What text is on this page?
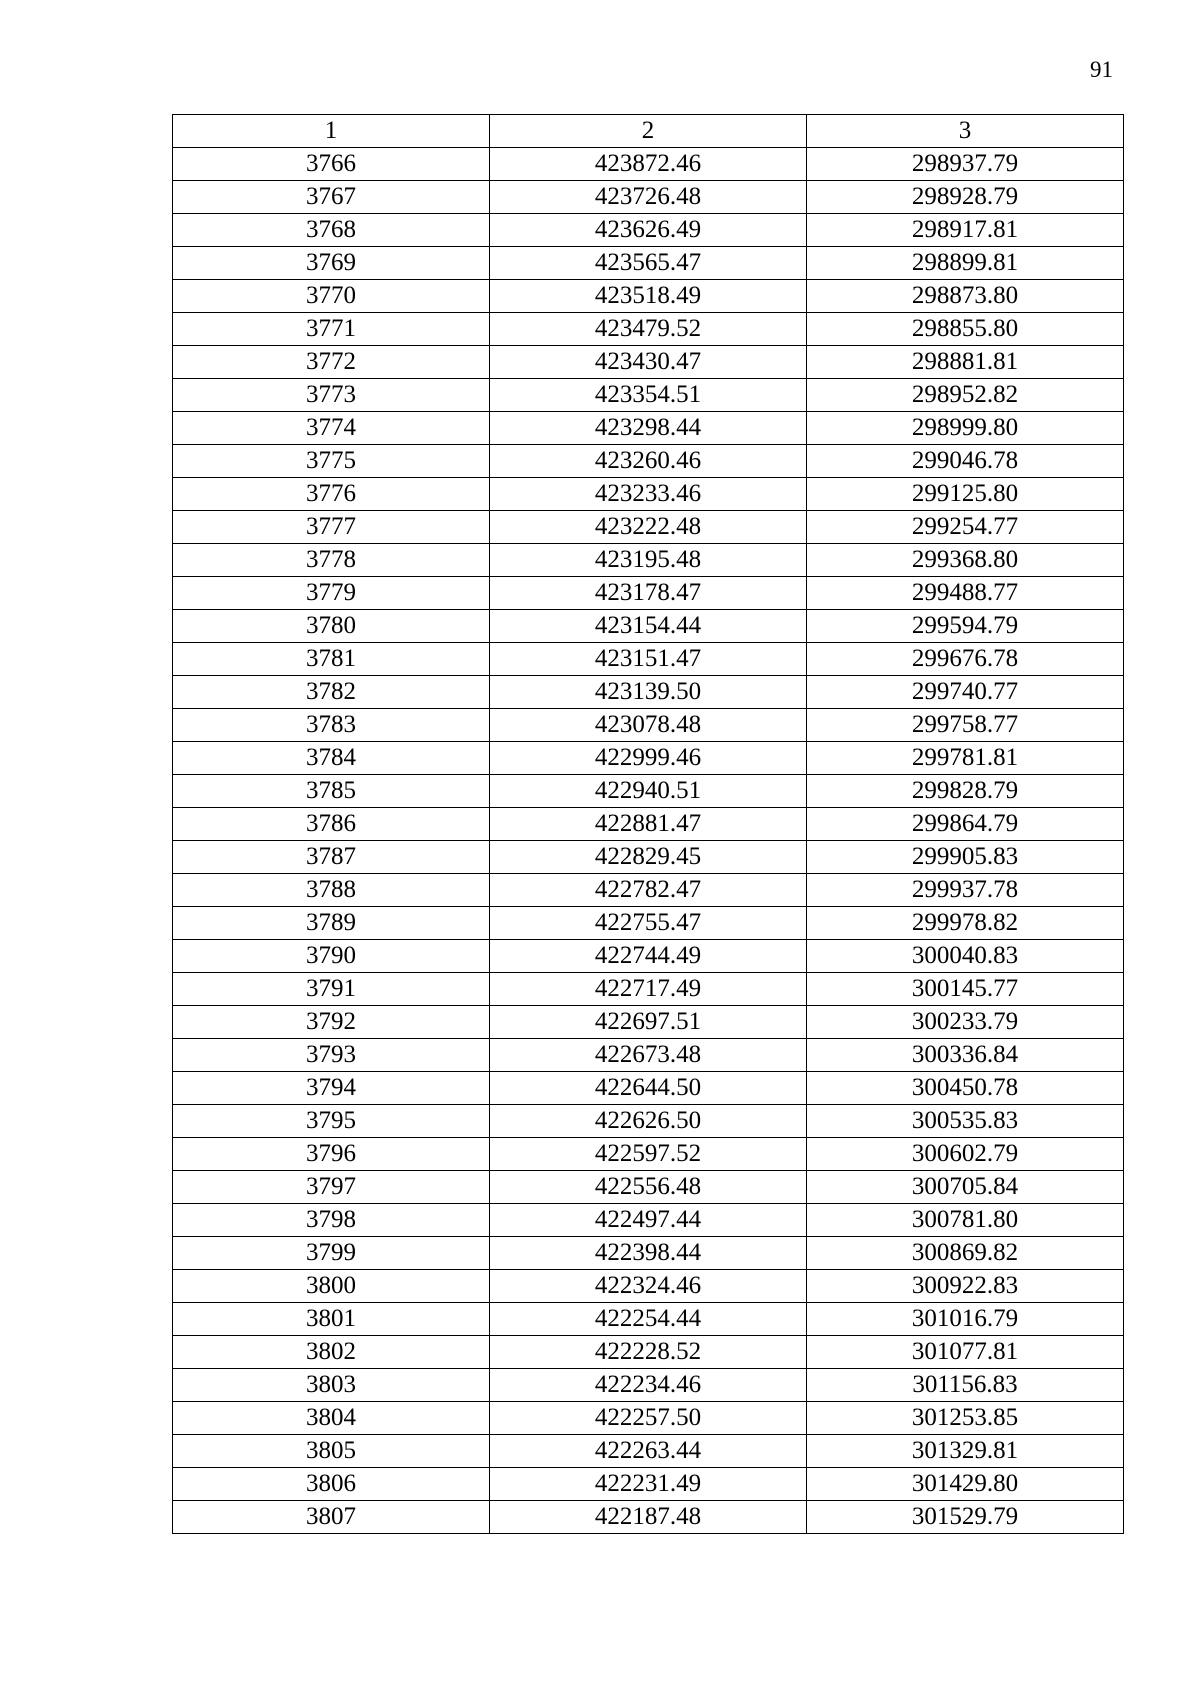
91
1	2	3
3766	423872.46	298937.79
3767	423726.48	298928.79
3768	423626.49	298917.81
3769	423565.47	298899.81
3770	423518.49	298873.80
3771	423479.52	298855.80
3772	423430.47	298881.81
3773	423354.51	298952.82
3774	423298.44	298999.80
3775	423260.46	299046.78
3776	423233.46	299125.80
3777	423222.48	299254.77
3778	423195.48	299368.80
3779	423178.47	299488.77
3780	423154.44	299594.79
3781	423151.47	299676.78
3782	423139.50	299740.77
3783	423078.48	299758.77
3784	422999.46	299781.81
3785	422940.51	299828.79
3786	422881.47	299864.79
3787	422829.45	299905.83
3788	422782.47	299937.78
3789	422755.47	299978.82
3790	422744.49	300040.83
3791	422717.49	300145.77
3792	422697.51	300233.79
3793	422673.48	300336.84
3794	422644.50	300450.78
3795	422626.50	300535.83
3796	422597.52	300602.79
3797	422556.48	300705.84
3798	422497.44	300781.80
3799	422398.44	300869.82
3800	422324.46	300922.83
3801	422254.44	301016.79
3802	422228.52	301077.81
3803	422234.46	301156.83
3804	422257.50	301253.85
3805	422263.44	301329.81
3806	422231.49	301429.80
3807	422187.48	301529.79
